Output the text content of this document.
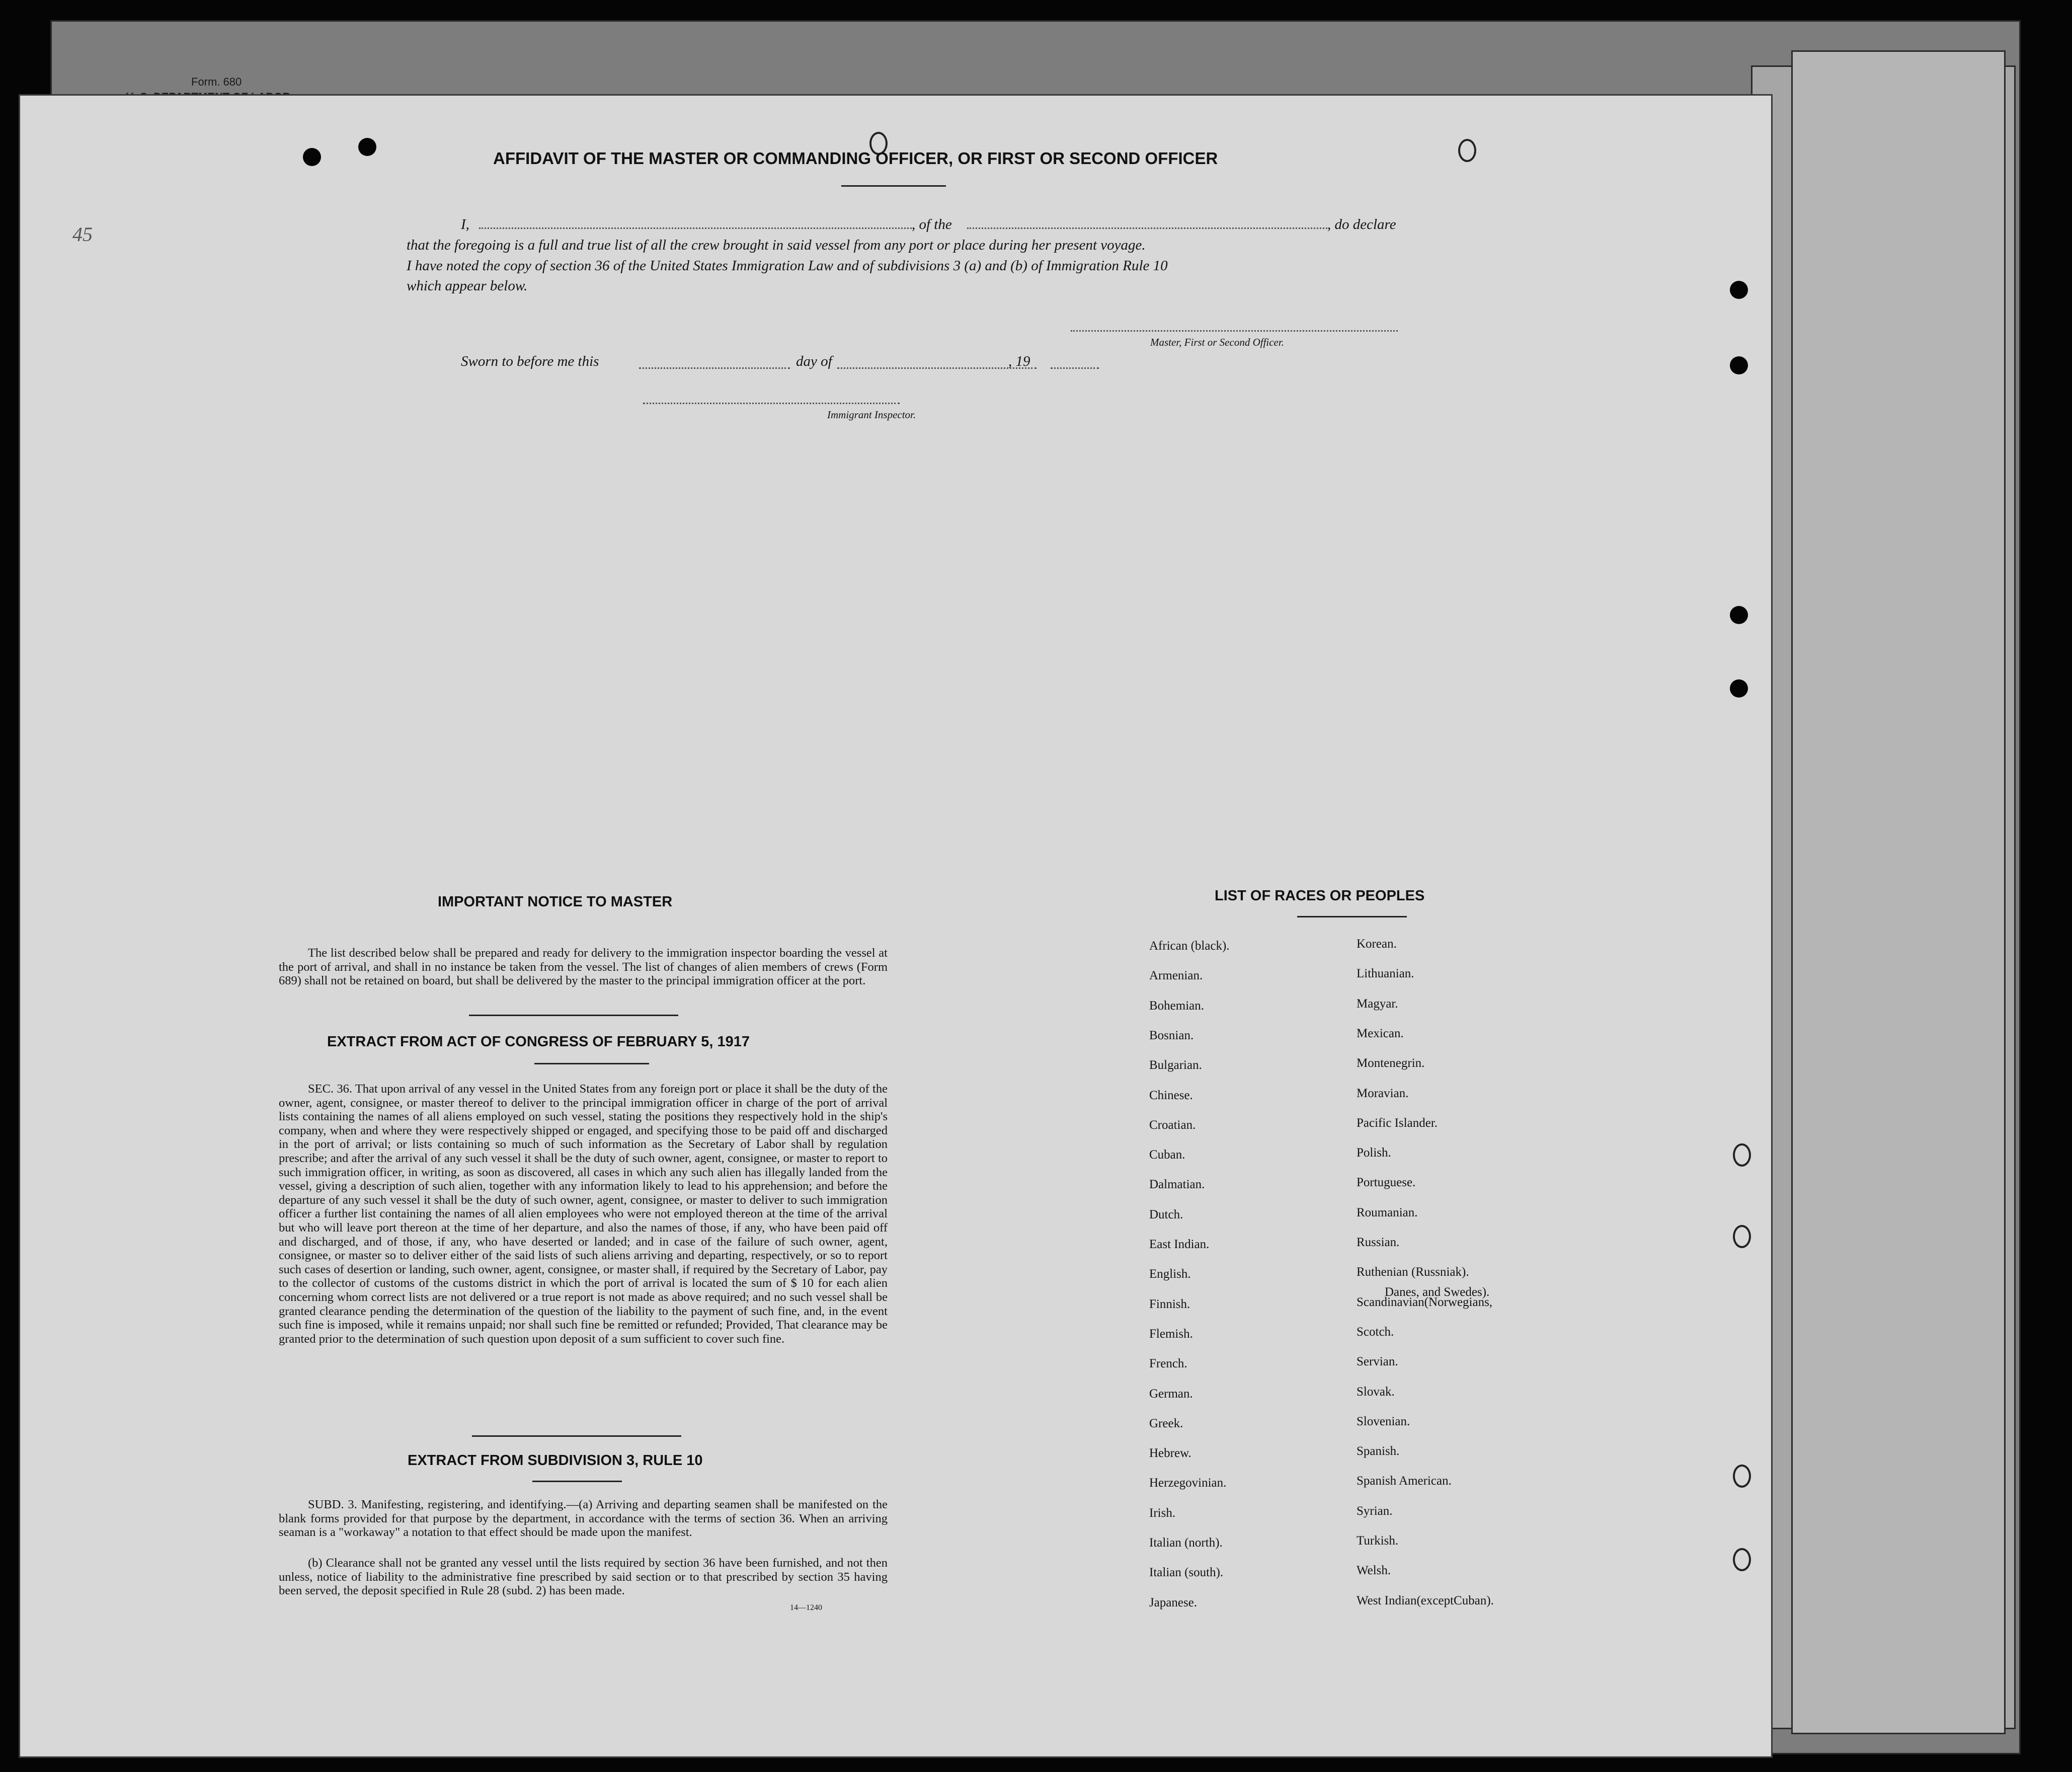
Form. 680
45
AFFIDAVIT OF THE MASTER OR COMMANDING OFFICER, OR FIRST OR SECOND OFFICER
I,	, of the	, do declare
that the foregoing is a full and true list of all the crew brought in said vessel from any port or place during her present voyage.
I have noted the copy of section 36 of the United States Immigration Law and of subdivisions 3 (a) and (b) of Immigration Rule 10
which appear below.
Master, First or Second Officer.
Sworn to before me this	day of	, 19
Immigrant Inspector.
IMPORTANT NOTICE TO MASTER
The list described below shall be prepared and ready for delivery to the immigration inspector boarding the vessel at the port of arrival, and shall in no instance be taken from the vessel. The list of changes of alien members of crews (Form 689) shall not be retained on board, but shall be delivered by the master to the principal immigration officer at the port.
EXTRACT FROM ACT OF CONGRESS OF FEBRUARY 5, 1917
SEC. 36. That upon arrival of any vessel in the United States from any foreign port or place it shall be the duty of the owner, agent, consignee, or master thereof to deliver to the principal immigration officer in charge of the port of arrival lists containing the names of all aliens employed on such vessel, stating the positions they respectively hold in the ship's company, when and where they were respectively shipped or engaged, and specifying those to be paid off and discharged in the port of arrival; or lists containing so much of such information as the Secretary of Labor shall by regulation prescribe; and after the arrival of any such vessel it shall be the duty of such owner, agent, consignee, or master to report to such immigration officer, in writing, as soon as discovered, all cases in which any such alien has illegally landed from the vessel, giving a description of such alien, together with any information likely to lead to his apprehension; and before the departure of any such vessel it shall be the duty of such owner, agent, consignee, or master to deliver to such immigration officer a further list containing the names of all alien employees who were not employed thereon at the time of the arrival but who will leave port thereon at the time of her departure, and also the names of those, if any, who have been paid off and discharged, and of those, if any, who have deserted or landed; and in case of the failure of such owner, agent, consignee, or master so to deliver either of the said lists of such aliens arriving and departing, respectively, or so to report such cases of desertion or landing, such owner, agent, consignee, or master shall, if required by the Secretary of Labor, pay to the collector of customs of the customs district in which the port of arrival is located the sum of $ 10 for each alien concerning whom correct lists are not delivered or a true report is not made as above required; and no such vessel shall be granted clearance pending the determination of the question of the liability to the payment of such fine, and, in the event such fine is imposed, while it remains unpaid; nor shall such fine be remitted or refunded; Provided, That clearance may be granted prior to the determination of such question upon deposit of a sum sufficient to cover such fine.
EXTRACT FROM SUBDIVISION 3, RULE 10
SUBD. 3. Manifesting, registering, and identifying.—(a) Arriving and departing seamen shall be manifested on the blank forms provided for that purpose by the department, in accordance with the terms of section 36. When an arriving seaman is a "workaway" a notation to that effect should be made upon the manifest.
(b) Clearance shall not be granted any vessel until the lists required by section 36 have been furnished, and not then unless, notice of liability to the administrative fine prescribed by said section or to that prescribed by section 35 having been served, the deposit specified in Rule 28 (subd. 2) has been made.
14—1240
LIST OF RACES OR PEOPLES
African (black).
Armenian.
Bohemian.
Bosnian.
Bulgarian.
Chinese.
Croatian.
Cuban.
Dalmatian.
Dutch.
East Indian.
English.
Finnish.
Flemish.
French.
German.
Greek.
Hebrew.
Herzegovinian.
Irish.
Italian (north).
Italian (south).
Japanese.
Korean.
Lithuanian.
Magyar.
Mexican.
Montenegrin.
Moravian.
Pacific Islander.
Polish.
Portuguese.
Roumanian.
Russian.
Ruthenian (Russniak).
Scandinavian(Norwegians,
Scotch.
Servian.
Slovak.
Slovenian.
Spanish.
Spanish American.
Syrian.
Turkish.
Welsh.
West Indian(exceptCuban).
Danes, and Swedes).
